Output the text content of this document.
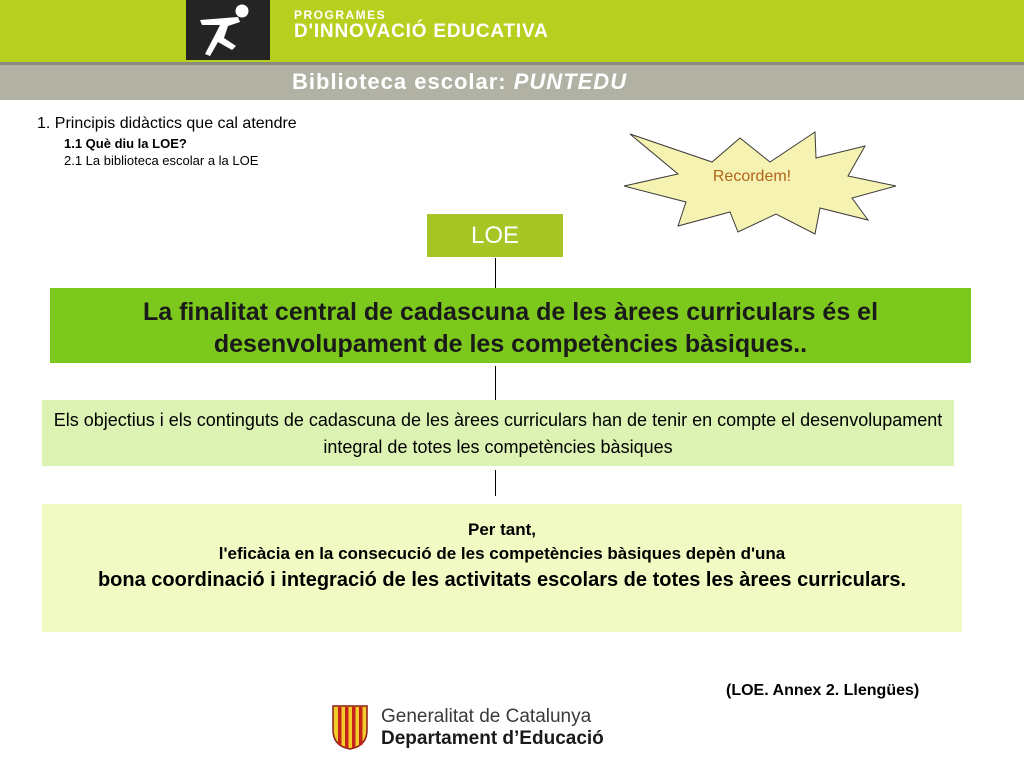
PROGRAMES
D'INNOVACIÓ EDUCATIVA
Biblioteca escolar: PUNTEDU
1. Principis didàctics que cal atendre
1.1 Què diu la LOE?
2.1 La biblioteca escolar a la LOE
Recordem!
LOE
La finalitat central de cadascuna de les àrees curriculars és el desenvolupament de les competències bàsiques..
Els objectius i els continguts de cadascuna de les àrees curriculars han de tenir en compte el desenvolupament integral de totes les competències bàsiques
Per tant,
l'eficàcia en la consecució de les competències bàsiques depèn d'una
bona coordinació i integració de les activitats escolars de totes les àrees curriculars.
(LOE. Annex 2. Llengües)
Generalitat de Catalunya
Departament d’Educació
